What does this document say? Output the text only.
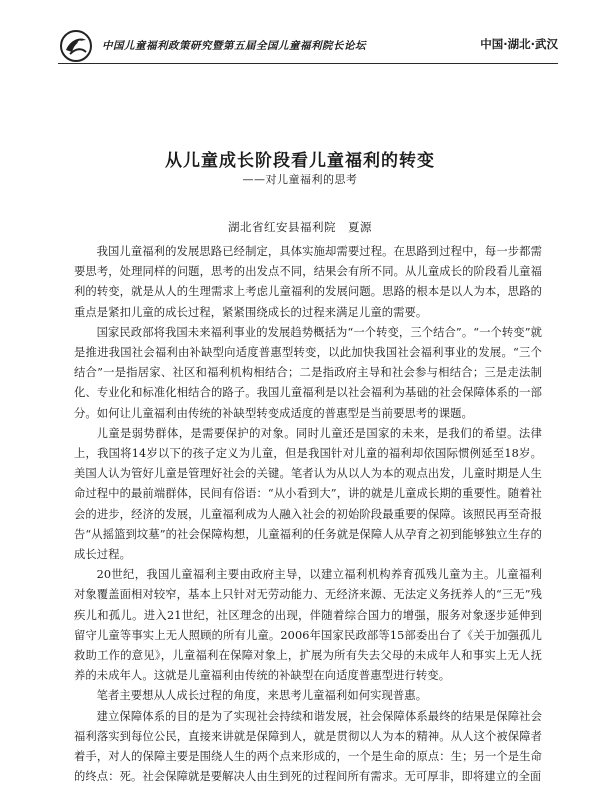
中国儿童福利政策研究暨第五届全国儿童福利院长论坛	中国·湖北·武汉
从儿童成长阶段看儿童福利的转变
——对儿童福利的思考
湖北省红安县福利院　夏源

我国儿童福利的发展思路已经制定，具体实施却需要过程。在思路到过程中，每一步都需要思考，处理同样的问题，思考的出发点不同，结果会有所不同。从儿童成长的阶段看儿童福利的转变，就是从人的生理需求上考虑儿童福利的发展问题。思路的根本是以人为本，思路的重点是紧扣儿童的成长过程，紧紧围绕成长的过程来满足儿童的需要。

国家民政部将我国未来福利事业的发展趋势概括为“一个转变，三个结合”。“一个转变”就是推进我国社会福利由补缺型向适度普惠型转变，以此加快我国社会福利事业的发展。“三个结合”一是指居家、社区和福利机构相结合；二是指政府主导和社会参与相结合；三是走法制化、专业化和标准化相结合的路子。我国儿童福利是以社会福利为基础的社会保障体系的一部分。如何让儿童福利由传统的补缺型转变成适度的普惠型是当前要思考的课题。

儿童是弱势群体，是需要保护的对象。同时儿童还是国家的未来，是我们的希望。法律上，我国将14岁以下的孩子定义为儿童，但是我国针对儿童的福利却依国际惯例延至18岁。美国人认为管好儿童是管理好社会的关键。笔者认为从以人为本的观点出发，儿童时期是人生命过程中的最前端群体，民间有俗语：“从小看到大”，讲的就是儿童成长期的重要性。随着社会的进步，经济的发展，儿童福利成为人融入社会的初始阶段最重要的保障。该照民再至奇报告“从摇篮到坟墓”的社会保障构想，儿童福利的任务就是保障人从孕育之初到能够独立生存的成长过程。

20世纪，我国儿童福利主要由政府主导，以建立福利机构养育孤残儿童为主。儿童福利对象覆盖面相对较窄，基本上只针对无劳动能力、无经济来源、无法定义务抚养人的“三无”残疾儿和孤儿。进入21世纪，社区理念的出现，伴随着综合国力的增强，服务对象逐步延伸到留守儿童等事实上无人照顾的所有儿童。2006年国家民政部等15部委出台了《关于加强孤儿救助工作的意见》，儿童福利在保障对象上，扩展为所有失去父母的未成年人和事实上无人抚养的未成年人。这就是儿童福利由传统的补缺型在向适度普惠型进行转变。

笔者主要想从人成长过程的角度，来思考儿童福利如何实现普惠。

建立保障体系的目的是为了实现社会持续和谐发展，社会保障体系最终的结果是保障社会福利落实到每位公民，直接来讲就是保障到人，就是贯彻以人为本的精神。从人这个被保障者着手，对人的保障主要是围绕人生的两个点来形成的，一个是生命的原点：生；另一个是生命的终点：死。社会保障就是要解决人由生到死的过程间所有需求。无可厚非，即将建立的全面
